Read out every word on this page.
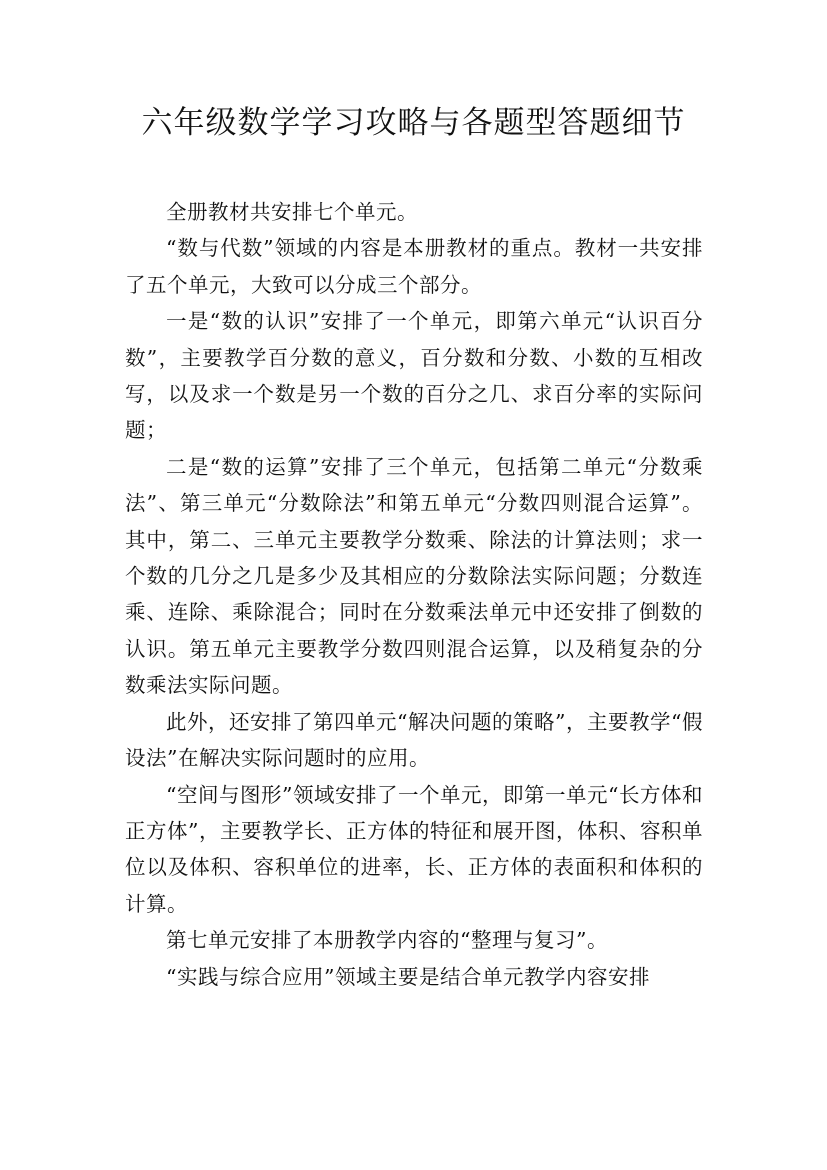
六年级数学学习攻略与各题型答题细节

全册教材共安排七个单元。

“数与代数”领域的内容是本册教材的重点。教材一共安排了五个单元，大致可以分成三个部分。

一是“数的认识”安排了一个单元，即第六单元“认识百分数”，主要教学百分数的意义，百分数和分数、小数的互相改写，以及求一个数是另一个数的百分之几、求百分率的实际问题；

二是“数的运算”安排了三个单元，包括第二单元“分数乘法”、第三单元“分数除法”和第五单元“分数四则混合运算”。其中，第二、三单元主要教学分数乘、除法的计算法则；求一个数的几分之几是多少及其相应的分数除法实际问题；分数连乘、连除、乘除混合；同时在分数乘法单元中还安排了倒数的认识。第五单元主要教学分数四则混合运算，以及稍复杂的分数乘法实际问题。

此外，还安排了第四单元“解决问题的策略”，主要教学“假设法”在解决实际问题时的应用。

“空间与图形”领域安排了一个单元，即第一单元“长方体和正方体”，主要教学长、正方体的特征和展开图，体积、容积单位以及体积、容积单位的进率，长、正方体的表面积和体积的计算。

第七单元安排了本册教学内容的“整理与复习”。

“实践与综合应用”领域主要是结合单元教学内容安排
